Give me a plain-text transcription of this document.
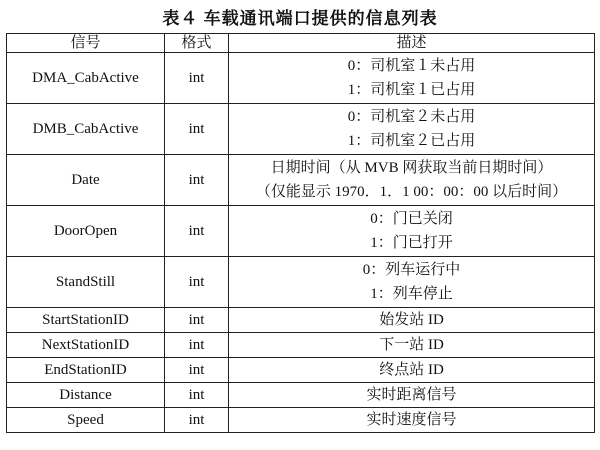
表４ 车载通讯端口提供的信息列表
信号	格式	描述
DMA_CabActive	int	0：司机室１未占用
1：司机室１已占用

DMB_CabActive	int	0：司机室２未占用
1：司机室２已占用

Date	int	日期时间（从 MVB 网获取当前日期时间）
（仅能显示 1970．1．1 00：00：00 以后时间）

DoorOpen	int	0：门已关闭
1：门已打开

StandStill	int	0：列车运行中
1：列车停止

StartStationID	int	始发站 ID
NextStationID	int	下一站 ID
EndStationID	int	终点站 ID
Distance	int	实时距离信号
Speed	int	实时速度信号
